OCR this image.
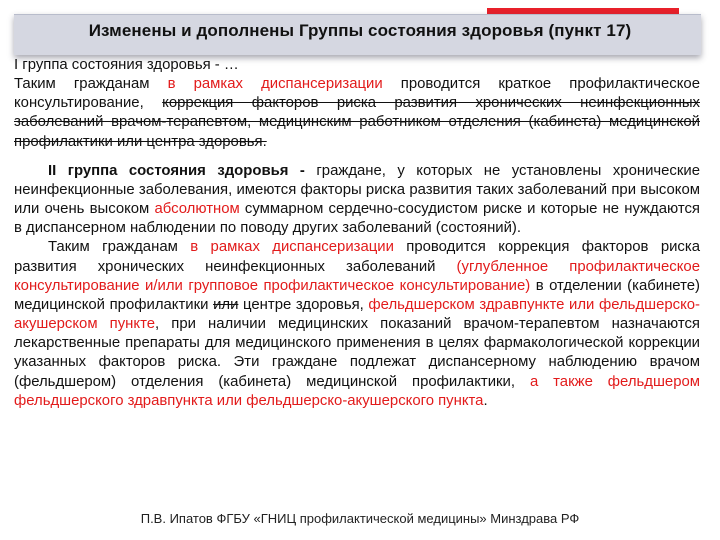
Изменены и дополнены Группы состояния здоровья (пункт 17)

I группа состояния здоровья - …

Таким гражданам в рамках диспансеризации проводится краткое профилактическое консультирование, коррекция факторов риска развития хронических неинфекционных заболеваний врачом-терапевтом, медицинским работником отделения (кабинета) медицинской профилактики или центра здоровья.

II группа состояния здоровья - граждане, у которых не установлены хронические неинфекционные заболевания, имеются факторы риска развития таких заболеваний при высоком или очень высоком абсолютном суммарном сердечно-сосудистом риске и которые не нуждаются в диспансерном наблюдении по поводу других заболеваний (состояний).

Таким гражданам в рамках диспансеризации проводится коррекция факторов риска развития хронических неинфекционных заболеваний (углубленное профилактическое консультирование и/или групповое профилактическое консультирование) в отделении (кабинете) медицинской профилактики или центре здоровья, фельдшерском здравпункте или фельдшерско-акушерском пункте, при наличии медицинских показаний врачом-терапевтом назначаются лекарственные препараты для медицинского применения в целях фармакологической коррекции указанных факторов риска. Эти граждане подлежат диспансерному наблюдению врачом (фельдшером) отделения (кабинета) медицинской профилактики, а также фельдшером фельдшерского здравпункта или фельдшерско-акушерского пункта.

П.В. Ипатов ФГБУ «ГНИЦ профилактической медицины» Минздрава РФ
